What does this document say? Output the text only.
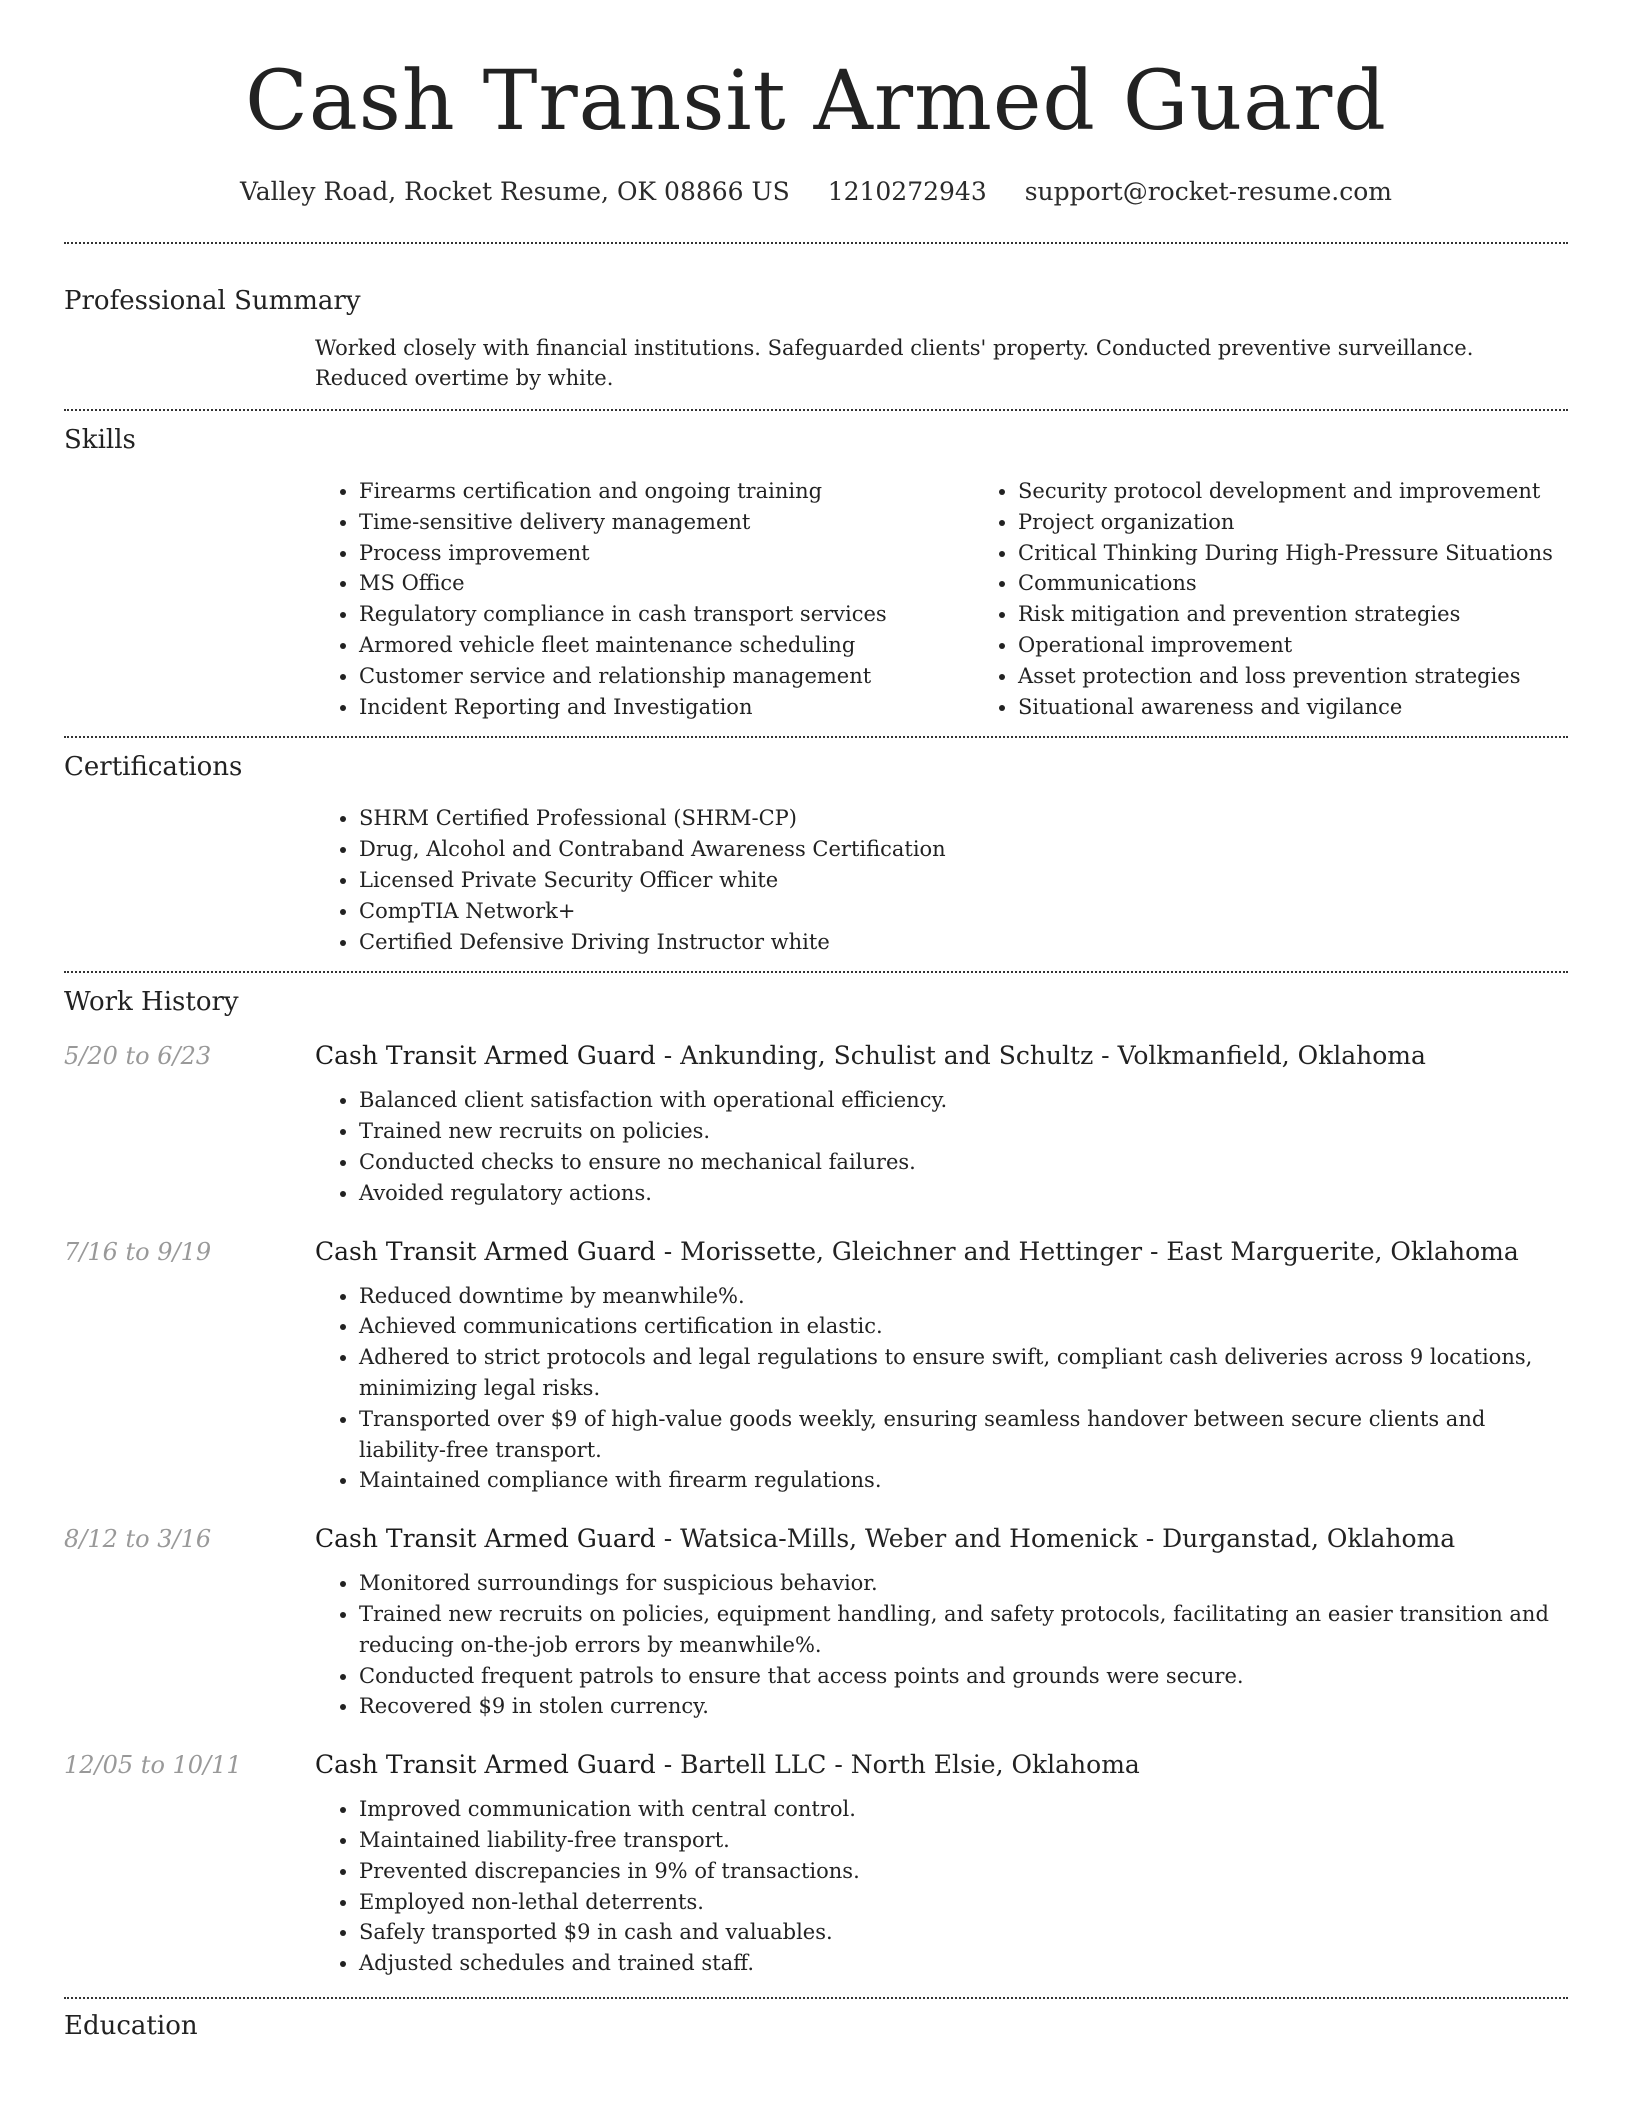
Cash Transit Armed Guard
Valley Road, Rocket Resume, OK 08866 US 1210272943 support@rocket-resume.com
Professional Summary

Worked closely with financial institutions. Safeguarded clients' property. Conducted preventive surveillance. Reduced overtime by white.

Skills
• Firearms certification and ongoing training
• Time-sensitive delivery management
• Process improvement
• MS Office
• Regulatory compliance in cash transport services
• Armored vehicle fleet maintenance scheduling
• Customer service and relationship management
• Incident Reporting and Investigation
• Security protocol development and improvement
• Project organization
• Critical Thinking During High-Pressure Situations
• Communications
• Risk mitigation and prevention strategies
• Operational improvement
• Asset protection and loss prevention strategies
• Situational awareness and vigilance
Certifications
• SHRM Certified Professional (SHRM-CP)
• Drug, Alcohol and Contraband Awareness Certification
• Licensed Private Security Officer white
• CompTIA Network+
• Certified Defensive Driving Instructor white
Work History
5/20 to 6/23	Cash Transit Armed Guard - Ankunding, Schulist and Schultz - Volkmanfield, Oklahoma
• Balanced client satisfaction with operational efficiency.
• Trained new recruits on policies.
• Conducted checks to ensure no mechanical failures.
• Avoided regulatory actions.
7/16 to 9/19	Cash Transit Armed Guard - Morissette, Gleichner and Hettinger - East Marguerite, Oklahoma
• Reduced downtime by meanwhile%.
• Achieved communications certification in elastic.
• Adhered to strict protocols and legal regulations to ensure swift, compliant cash deliveries across 9 locations, minimizing legal risks.
• Transported over $9 of high-value goods weekly, ensuring seamless handover between secure clients and liability-free transport.
• Maintained compliance with firearm regulations.
8/12 to 3/16	Cash Transit Armed Guard - Watsica-Mills, Weber and Homenick - Durganstad, Oklahoma
• Monitored surroundings for suspicious behavior.
• Trained new recruits on policies, equipment handling, and safety protocols, facilitating an easier transition and reducing on-the-job errors by meanwhile%.
• Conducted frequent patrols to ensure that access points and grounds were secure.
• Recovered $9 in stolen currency.
12/05 to 10/11	Cash Transit Armed Guard - Bartell LLC - North Elsie, Oklahoma
• Improved communication with central control.
• Maintained liability-free transport.
• Prevented discrepancies in 9% of transactions.
• Employed non-lethal deterrents.
• Safely transported $9 in cash and valuables.
• Adjusted schedules and trained staff.
Education
